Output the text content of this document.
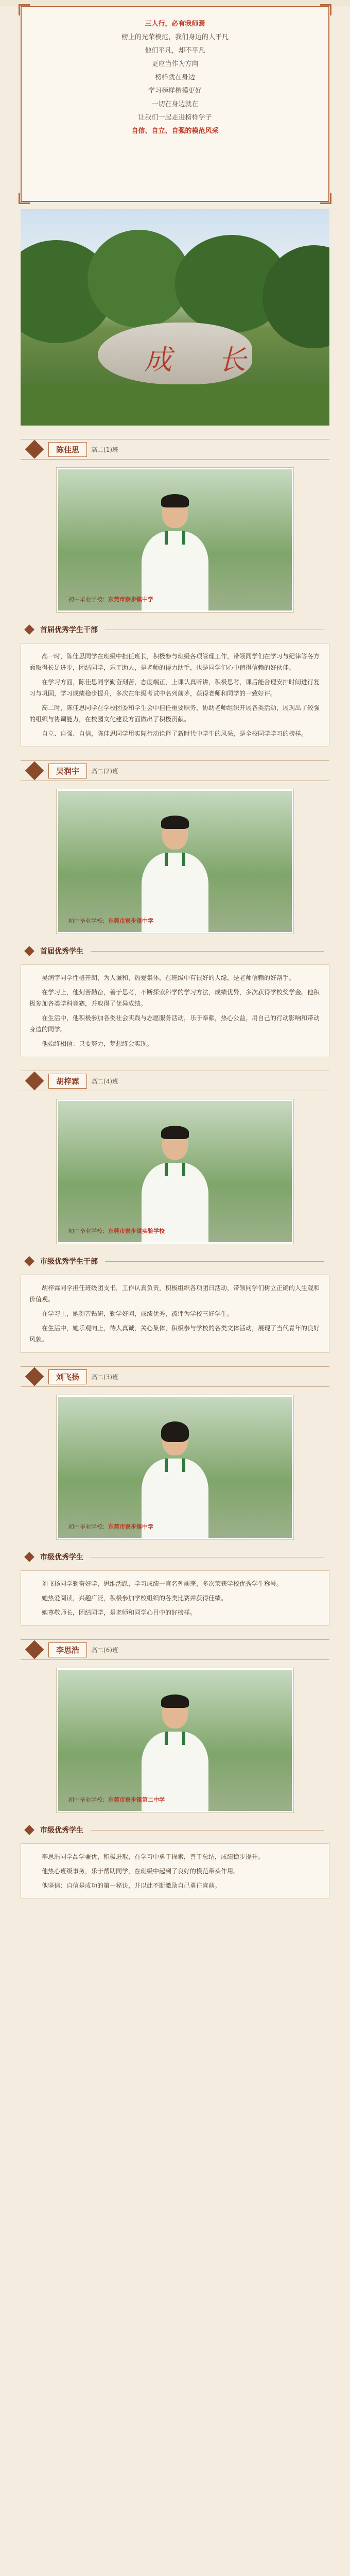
三人行，必有我师焉

榜上的光荣模范，我们身边的人平凡

他们平凡，却不平凡

更应当作为方向

榜样就在身边

学习榜样楷模更好

一切在身边就在

让我们一起走进榜样学子

自信、自立、自强的模范风采

成　长
陈佳思	高二(1)班
初中毕业学校：东莞市寮步镇中学
首届优秀学生干部

高一时，陈佳思同学在班级中担任班长，积极参与班级各项管理工作，带领同学们在学习与纪律等各方面取得长足进步，团结同学，乐于助人，是老师的得力助手，也是同学们心中值得信赖的好伙伴。

在学习方面，陈佳思同学勤奋刻苦，态度端正，上课认真听讲，积极思考，课后能合理安排时间进行复习与巩固，学习成绩稳步提升，多次在年级考试中名列前茅，获得老师和同学的一致好评。

高二时，陈佳思同学在学校团委和学生会中担任重要职务，协助老师组织开展各类活动，展现出了较强的组织与协调能力，在校园文化建设方面做出了积极贡献。

自立、自强、自信，陈佳思同学用实际行动诠释了新时代中学生的风采，是全校同学学习的榜样。

吴润宇	高二(2)班
初中毕业学校：东莞市寮步镇中学
首届优秀学生

吴润宇同学性格开朗，为人谦和，热爱集体，在班级中有很好的人缘，是老师信赖的好帮手。

在学习上，他刻苦勤奋，善于思考，不断探索科学的学习方法，成绩优异，多次获得学校奖学金。他积极参加各类学科竞赛，并取得了优异成绩。

在生活中，他积极参加各类社会实践与志愿服务活动，乐于奉献，热心公益，用自己的行动影响和带动身边的同学。

他始终相信：只要努力，梦想终会实现。

胡梓霖	高二(4)班
初中毕业学校：东莞市寮步镇实验学校
市级优秀学生干部

胡梓霖同学担任班级团支书，工作认真负责，积极组织各项团日活动，带领同学们树立正确的人生观和价值观。

在学习上，她刻苦钻研，勤学好问，成绩优秀，被评为学校三好学生。

在生活中，她乐观向上，待人真诚，关心集体，积极参与学校的各类文体活动，展现了当代青年的良好风貌。

刘飞扬	高二(3)班
初中毕业学校：东莞市寮步镇中学
市级优秀学生

刘飞扬同学勤奋好学，思维活跃，学习成绩一直名列前茅，多次荣获学校优秀学生称号。

她热爱阅读，兴趣广泛，积极参加学校组织的各类比赛并获得佳绩。

她尊敬师长，团结同学，是老师和同学心目中的好榜样。

李思浩	高二(6)班
初中毕业学校：东莞市寮步镇第二中学
市级优秀学生

李思浩同学品学兼优，积极进取，在学习中勇于探索，善于总结，成绩稳步提升。

他热心班级事务，乐于帮助同学，在班级中起到了良好的模范带头作用。

他坚信：自信是成功的第一秘诀，并以此不断激励自己勇往直前。
